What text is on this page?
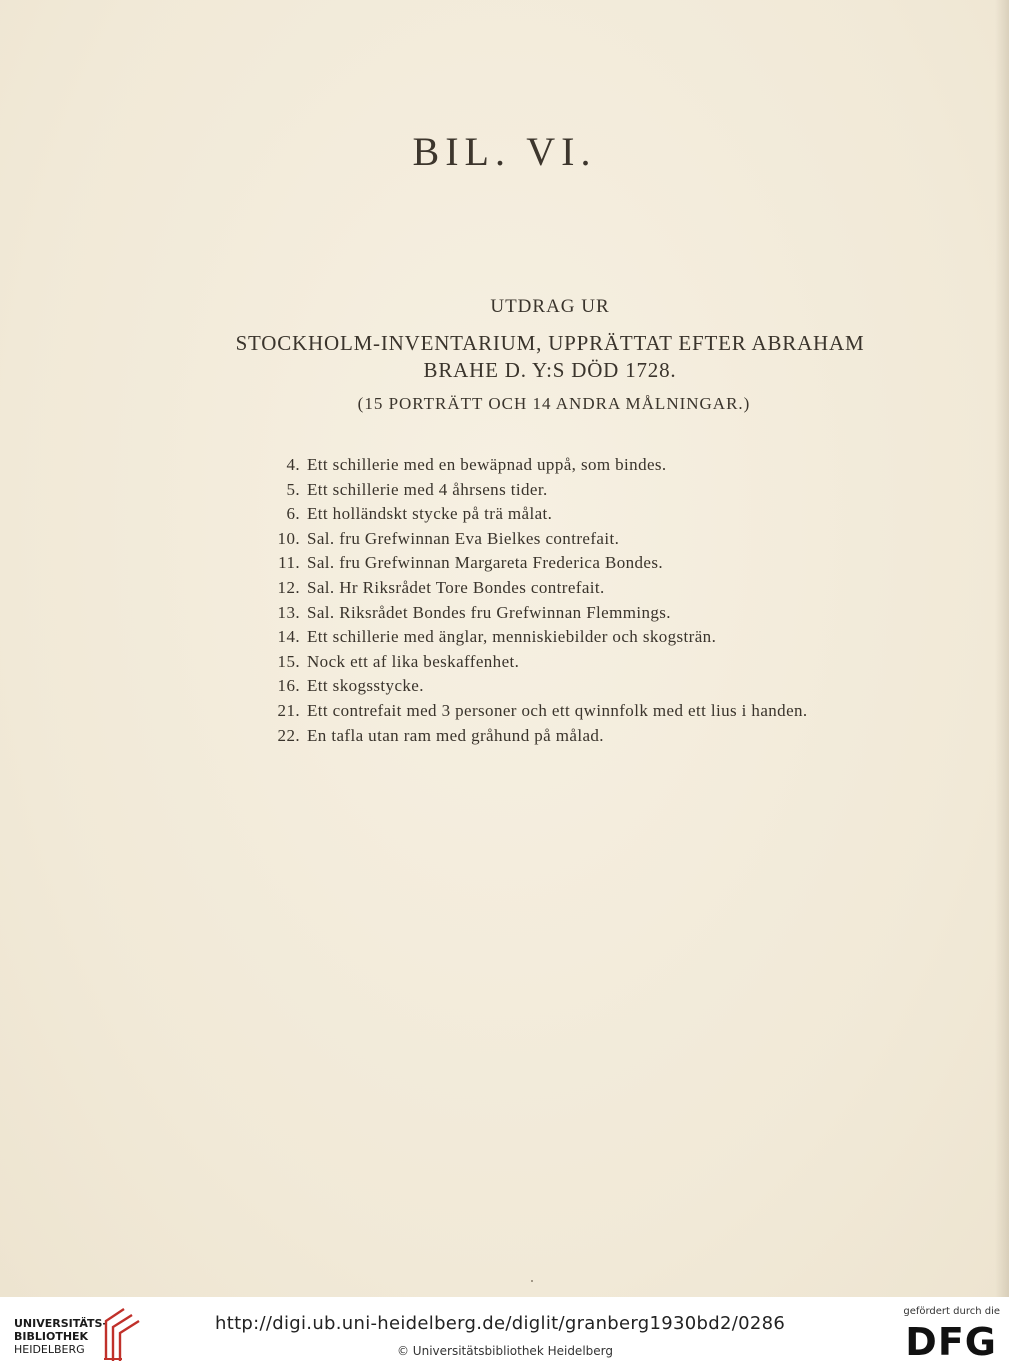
BIL. VI.
UTDRAG UR
STOCKHOLM-INVENTARIUM, UPPRÄTTAT EFTER ABRAHAM
BRAHE D. Y:S DÖD 1728.
(15 PORTRÄTT OCH 14 ANDRA MÅLNINGAR.)
4. Ett schillerie med en bewäpnad uppå, som bindes.
5. Ett schillerie med 4 åhrsens tider.
6. Ett holländskt stycke på trä målat.
10. Sal. fru Grefwinnan Eva Bielkes contrefait.
11. Sal. fru Grefwinnan Margareta Frederica Bondes.
12. Sal. Hr Riksrådet Tore Bondes contrefait.
13. Sal. Riksrådet Bondes fru Grefwinnan Flemmings.
14. Ett schillerie med änglar, menniskiebilder och skogsträn.
15. Nock ett af lika beskaffenhet.
16. Ett skogsstycke.
21. Ett contrefait med 3 personer och ett qwinnfolk med ett lius i handen.
22. En tafla utan ram med gråhund på målad.
UNIVERSITÄTS-
BIBLIOTHEK
HEIDELBERG
http://digi.ub.uni-heidelberg.de/diglit/granberg1930bd2/0286
© Universitätsbibliothek Heidelberg
gefördert durch die
DFG
